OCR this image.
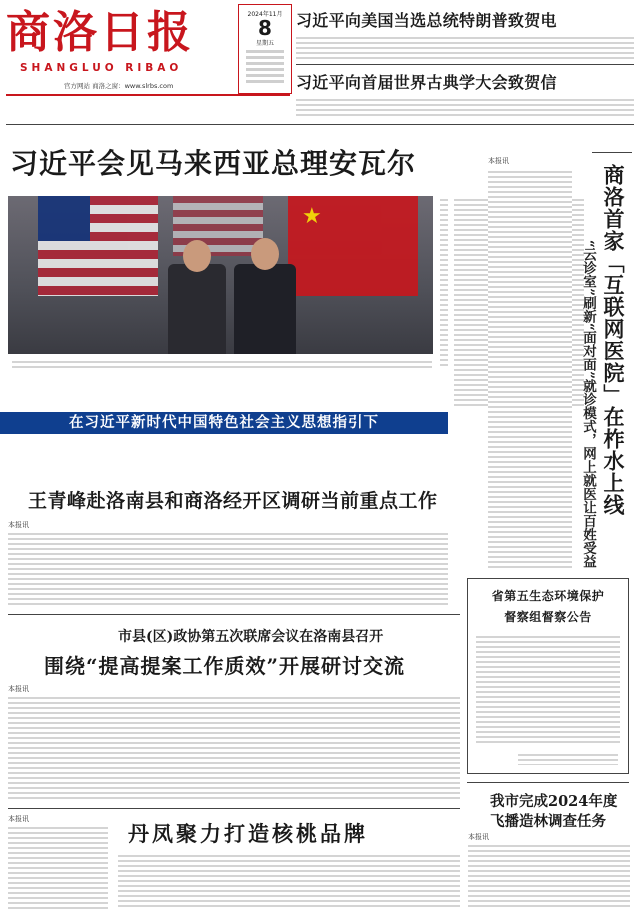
商洛日报
SHANGLUO RIBAO
官方网站 商洛之窗：www.slrbs.com
2024年11月
8
星期五
习近平向美国当选总统特朗普致贺电
习近平向首届世界古典学大会致贺信
习近平会见马来西亚总理安瓦尔
★
在习近平新时代中国特色社会主义思想指引下
王青峰赴洛南县和商洛经开区调研当前重点工作
本报讯
商洛首家「互联网医院」在柞水上线
“云诊室”刷新“面对面”就诊模式，网上就医让百姓受益
本报讯
市县(区)政协第五次联席会议在洛南县召开
围绕“提高提案工作质效”开展研讨交流
本报讯
省第五生态环境保护
督察组督察公告
本报讯
丹凤聚力打造核桃品牌
我市完成2024年度
飞播造林调查任务
本报讯
